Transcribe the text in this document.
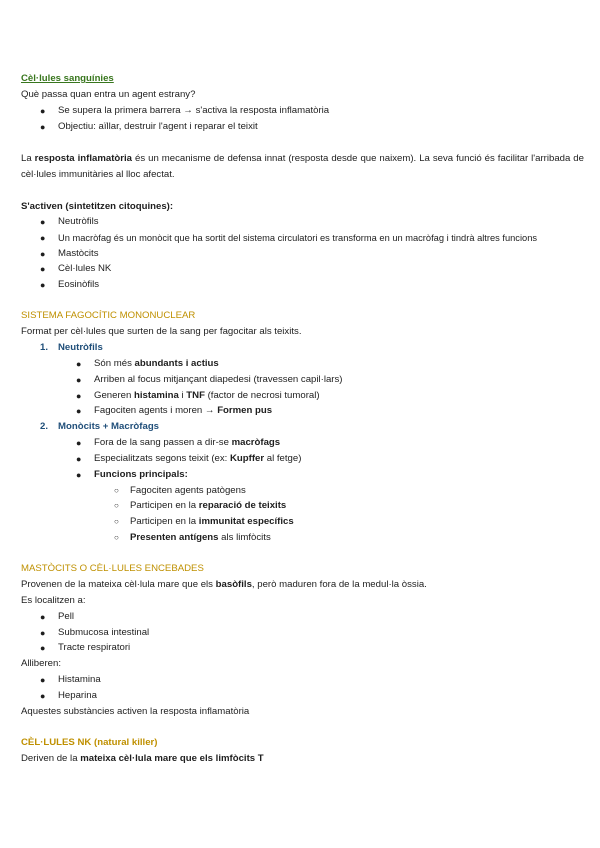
Cèl·lules sanguínies
Què passa quan entra un agent estrany?
● Se supera la primera barrera → s'activa la resposta inflamatòria
● Objectiu: aïllar, destruir l'agent i reparar el teixit
La resposta inflamatòria és un mecanisme de defensa innat (resposta desde que naixem). La seva funció és facilitar l'arribada de cèl·lules immunitàries al lloc afectat.
S'activen (sintetitzen citoquines):
● Neutròfils
● Un macròfag és un monòcit que ha sortit del sistema circulatori es transforma en un macròfag i tindrà altres funcions
● Mastòcits
● Cèl·lules NK
● Eosinòfils
SISTEMA FAGOCÍTIC MONONUCLEAR
Format per cèl·lules que surten de la sang per fagocitar als teixits.
1. Neutròfils
● Són més abundants i actius
● Arriben al focus mitjançant diapedesi (travessen capil·lars)
● Generen histamina i TNF (factor de necrosi tumoral)
● Fagociten agents i moren → Formen pus
2. Monòcits + Macròfags
● Fora de la sang passen a dir-se macròfags
● Especialitzats segons teixit (ex: Kupffer al fetge)
● Funcions principals:
○ Fagociten agents patògens
○ Participen en la reparació de teixits
○ Participen en la immunitat específics
○ Presenten antígens als limfòcits
MASTÒCITS O CÈL·LULES ENCEBADES
Provenen de la mateixa cèl·lula mare que els basòfils, però maduren fora de la medul·la òssia.
Es localitzen a:
● Pell
● Submucosa intestinal
● Tracte respiratori
Alliberen:
● Histamina
● Heparina
Aquestes substàncies activen la resposta inflamatòria
CÈL·LULES NK (natural killer)
Deriven de la mateixa cèl·lula mare que els limfòcits T
